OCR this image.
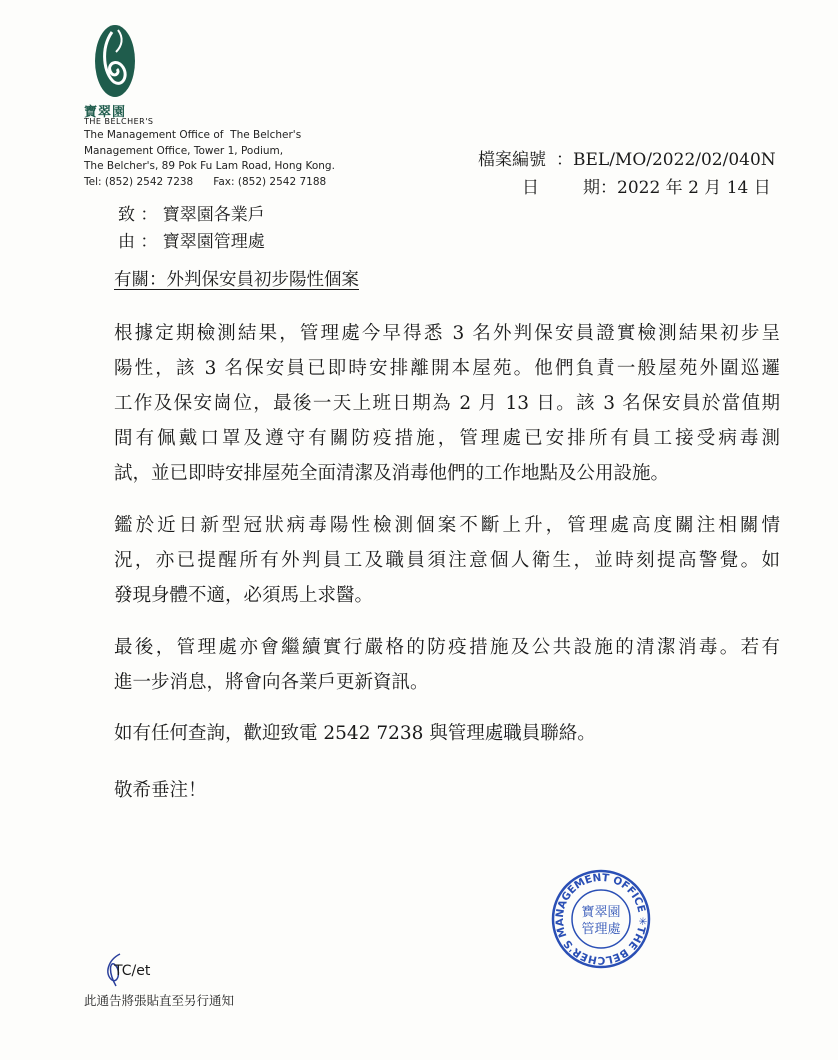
寶翠園
THE BELCHER'S
The Management Office of  The Belcher's
Management Office, Tower 1, Podium,
The Belcher's, 89 Pok Fu Lam Road, Hong Kong.
Tel: (852) 2542 7238      Fax: (852) 2542 7188
檔案編號 ：BEL/MO/2022/02/040N
日	期 ：2022 年 2 月 14 日
致 ： 寶翠園各業戶
由 ： 寶翠園管理處
有關：外判保安員初步陽性個案
根據定期檢測結果，管理處今早得悉 3 名外判保安員證實檢測結果初步呈
陽性，該 3 名保安員已即時安排離開本屋苑。他們負責一般屋苑外圍巡邏
工作及保安崗位，最後一天上班日期為 2 月 13 日。該 3 名保安員於當值期
間有佩戴口罩及遵守有關防疫措施，管理處已安排所有員工接受病毒測
試，並已即時安排屋苑全面清潔及消毒他們的工作地點及公用設施。
鑑於近日新型冠狀病毒陽性檢測個案不斷上升，管理處高度關注相關情
況，亦已提醒所有外判員工及職員須注意個人衛生，並時刻提高警覺。如
發現身體不適，必須馬上求醫。
最後，管理處亦會繼續實行嚴格的防疫措施及公共設施的清潔消毒。若有
進一步消息，將會向各業戶更新資訊。
如有任何查詢，歡迎致電 2542 7238 與管理處職員聯絡。
敬希垂注！
THE BELCHER'S MANAGEMENT OFFICE ✳
寶翠園
管理處
TC/et
此通告將張貼直至另行通知
